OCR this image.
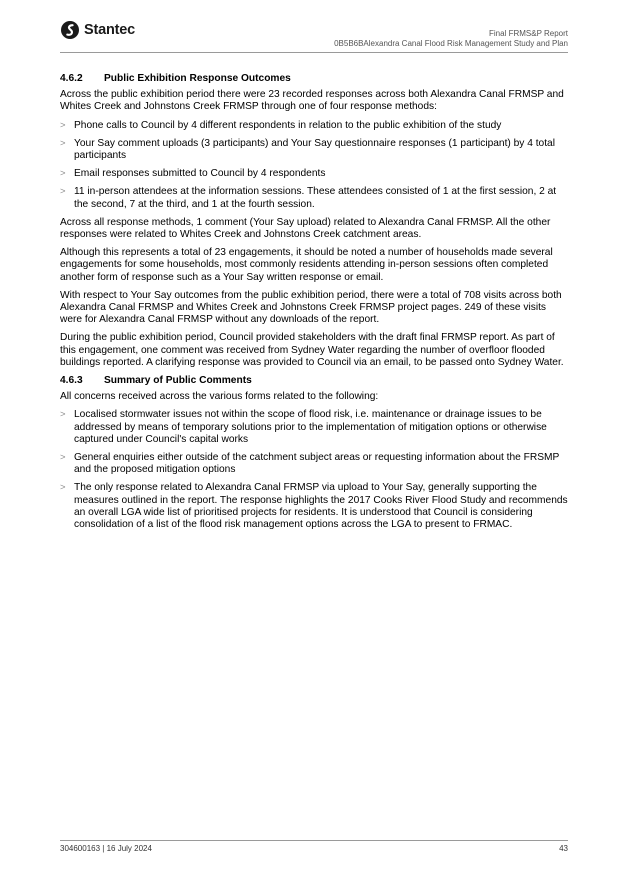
Stantec	Final FRMS&P Report
0B5B6BAlexandra Canal Flood Risk Management Study and Plan
4.6.2	Public Exhibition Response Outcomes

Across the public exhibition period there were 23 recorded responses across both Alexandra Canal FRMSP and Whites Creek and Johnstons Creek FRMSP through one of four response methods:

> Phone calls to Council by 4 different respondents in relation to the public exhibition of the study
> Your Say comment uploads (3 participants) and Your Say questionnaire responses (1 participant) by 4 total participants
> Email responses submitted to Council by 4 respondents
> 11 in-person attendees at the information sessions. These attendees consisted of 1 at the first session, 2 at the second, 7 at the third, and 1 at the fourth session.

Across all response methods, 1 comment (Your Say upload) related to Alexandra Canal FRMSP. All the other responses were related to Whites Creek and Johnstons Creek catchment areas.

Although this represents a total of 23 engagements, it should be noted a number of households made several engagements for some households, most commonly residents attending in-person sessions often completed another form of response such as a Your Say written response or email.

With respect to Your Say outcomes from the public exhibition period, there were a total of 708 visits across both Alexandra Canal FRMSP and Whites Creek and Johnstons Creek FRMSP project pages. 249 of these visits were for Alexandra Canal FRMSP without any downloads of the report.

During the public exhibition period, Council provided stakeholders with the draft final FRMSP report. As part of this engagement, one comment was received from Sydney Water regarding the number of overfloor flooded buildings reported. A clarifying response was provided to Council via an email, to be passed onto Sydney Water.

4.6.3	Summary of Public Comments

All concerns received across the various forms related to the following:

> Localised stormwater issues not within the scope of flood risk, i.e. maintenance or drainage issues to be addressed by means of temporary solutions prior to the implementation of mitigation options or otherwise captured under Council's capital works
> General enquiries either outside of the catchment subject areas or requesting information about the FRSMP and the proposed mitigation options
> The only response related to Alexandra Canal FRMSP via upload to Your Say, generally supporting the measures outlined in the report. The response highlights the 2017 Cooks River Flood Study and recommends an overall LGA wide list of prioritised projects for residents. It is understood that Council is considering consolidation of a list of the flood risk management options across the LGA to present to FRMAC.
304600163 | 16 July 2024	43
